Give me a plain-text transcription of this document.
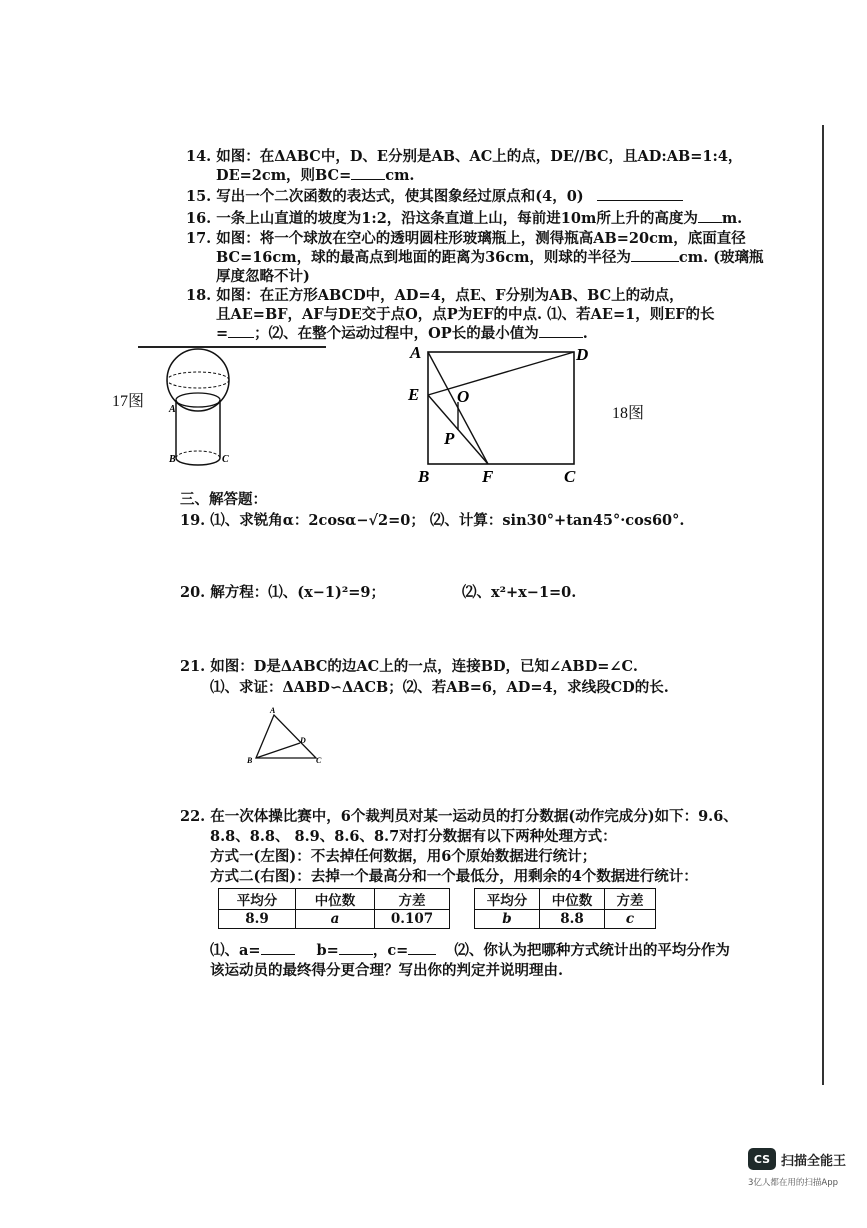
14. 如图：在ΔABC中，D、E分别是AB、AC上的点，DE//BC，且AD:AB=1:4，
DE=2cm，则BC= cm.
15. 写出一个二次函数的表达式，使其图象经过原点和(4，0)
16. 一条上山直道的坡度为1:2，沿这条直道上山，每前进10m所上升的高度为 m.
17. 如图：将一个球放在空心的透明圆柱形玻璃瓶上，测得瓶高AB=20cm，底面直径
BC=16cm，球的最高点到地面的距离为36cm，则球的半径为	cm. (玻璃瓶
厚度忽略不计)
18. 如图：在正方形ABCD中，AD=4，点E、F分别为AB、BC上的动点，
且AE=BF，AF与DE交于点O，点P为EF的中点. ⑴、若AE=1，则EF的长
= ；⑵、在整个运动过程中，OP长的最小值为	.
17图 A
B	C
A	D
E O
P
B	F	C
18图
三、解答题：
19. ⑴、求锐角α：2cosα−√2=0； ⑵、计算：sin30°+tan45°·cos60°.
20. 解方程：⑴、(x−1)²=9；	⑵、x²+x−1=0.
21. 如图：D是ΔABC的边AC上的一点，连接BD，已知∠ABD=∠C.
⑴、求证：ΔABD∽ΔACB；⑵、若AB=6，AD=4，求线段CD的长.
A
B	C
D
22. 在一次体操比赛中，6个裁判员对某一运动员的打分数据(动作完成分)如下：9.6、
8.8、8.8、 8.9、8.6、8.7对打分数据有以下两种处理方式：
方式一(左图)：不去掉任何数据，用6个原始数据进行统计；
方式二(右图)：去掉一个最高分和一个最低分，用剩余的4个数据进行统计：
平均分	中位数	方差
8.9	a	0.107
平均分	中位数	方差
b	8.8	c
⑴、a=	b= ，c=	⑵、你认为把哪种方式统计出的平均分作为
该运动员的最终得分更合理？写出你的判定并说明理由.
CS 扫描全能王
3亿人都在用的扫描App
